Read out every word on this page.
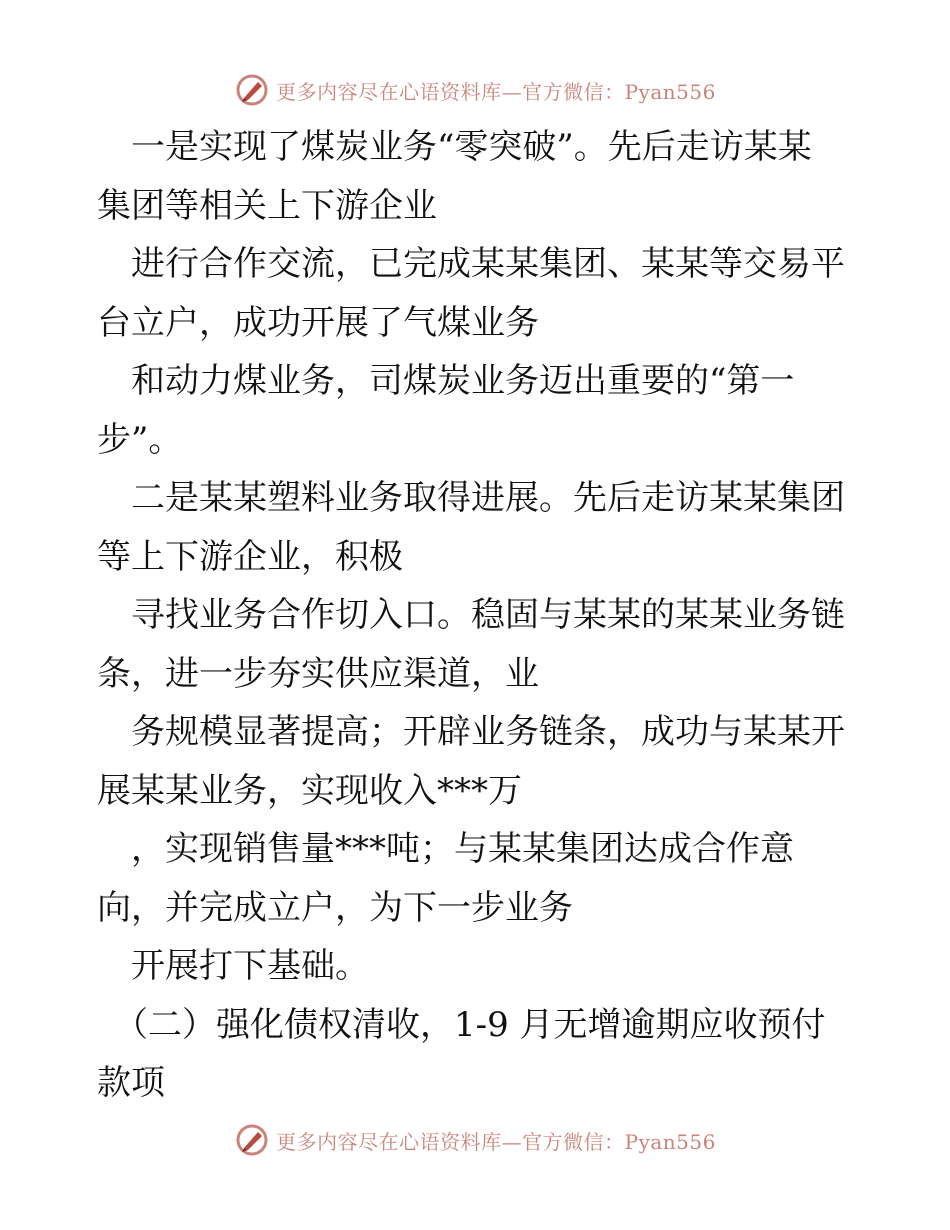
更多内容尽在心语资料库—官方微信：Pyan556

　一是实现了煤炭业务“零突破”。先后走访某某

集团等相关上下游企业

　进行合作交流，已完成某某集团、某某等交易平

台立户，成功开展了气煤业务

　和动力煤业务，司煤炭业务迈出重要的“第一

步”。

　二是某某塑料业务取得进展。先后走访某某集团

等上下游企业，积极

　寻找业务合作切入口。稳固与某某的某某业务链

条，进一步夯实供应渠道，业

　务规模显著提高；开辟业务链条，成功与某某开

展某某业务，实现收入***万

　，实现销售量***吨；与某某集团达成合作意

向，并完成立户，为下一步业务

　开展打下基础。

　（二）强化债权清收，1-9 月无增逾期应收预付

款项

更多内容尽在心语资料库—官方微信：Pyan556
